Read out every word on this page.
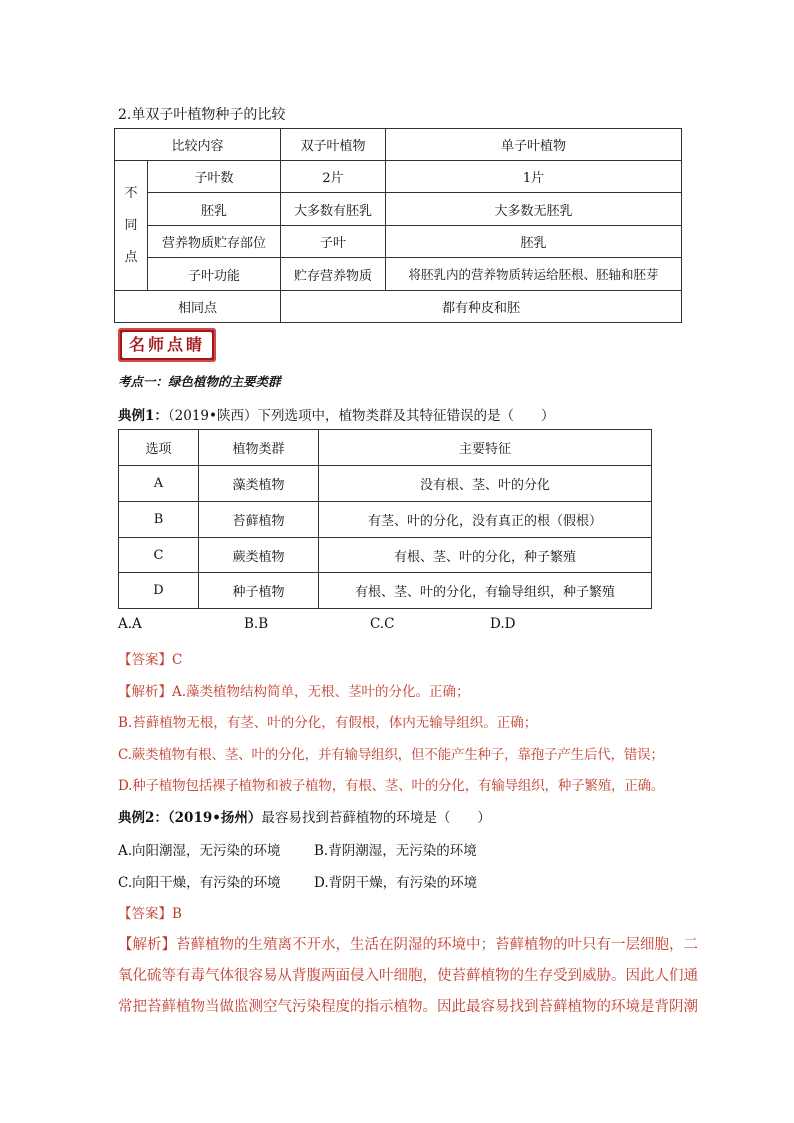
2.单双子叶植物种子的比较
比较内容		双子叶植物	单子叶植物

不
同
点	子叶数	2片	1片
	胚乳	大多数有胚乳	大多数无胚乳
	营养物质贮存部位	子叶	胚乳
	子叶功能	贮存营养物质	将胚乳内的营养物质转运给胚根、胚轴和胚芽
相同点		都有种皮和胚	
名师点睛
考点一：绿色植物的主要类群
典例1：（2019•陕西）下列选项中，植物类群及其特征错误的是（　　）
选项	植物类群	主要特征
A	藻类植物	没有根、茎、叶的分化
B	苔藓植物	有茎、叶的分化，没有真正的根（假根）
C	蕨类植物	有根、茎、叶的分化，种子繁殖
D	种子植物	有根、茎、叶的分化，有输导组织，种子繁殖
A.A	B.B	C.C	D.D
【答案】C
【解析】A.藻类植物结构简单，无根、茎叶的分化。正确；
B.苔藓植物无根，有茎、叶的分化，有假根，体内无输导组织。正确；
C.蕨类植物有根、茎、叶的分化，并有输导组织，但不能产生种子，靠孢子产生后代，错误；
D.种子植物包括裸子植物和被子植物，有根、茎、叶的分化，有输导组织，种子繁殖，正确。
典例2：（2019•扬州）最容易找到苔藓植物的环境是（　　）
A.向阳潮湿，无污染的环境 B.背阴潮湿，无污染的环境
C.向阳干燥，有污染的环境 D.背阴干燥，有污染的环境
【答案】B
【解析】苔藓植物的生殖离不开水，生活在阴湿的环境中；苔藓植物的叶只有一层细胞，二
氧化硫等有毒气体很容易从背腹两面侵入叶细胞，使苔藓植物的生存受到威胁。因此人们通
常把苔藓植物当做监测空气污染程度的指示植物。因此最容易找到苔藓植物的环境是背阴潮
